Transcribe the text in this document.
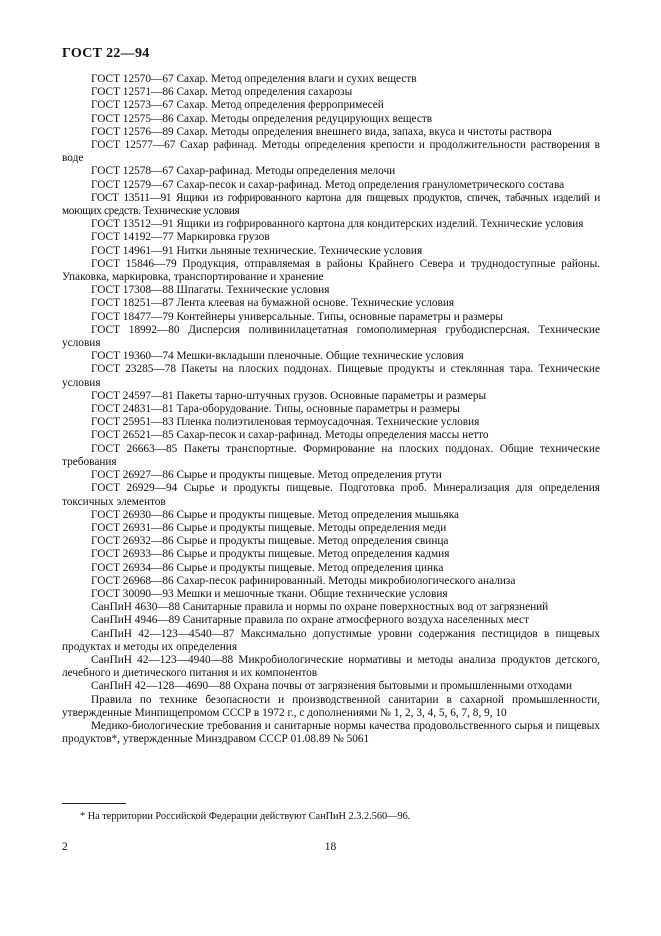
ГОСТ 22—94

ГОСТ 12570—67 Сахар. Метод определения влаги и сухих веществ

ГОСТ 12571—86 Сахар. Метод определения сахарозы

ГОСТ 12573—67 Сахар. Метод определения ферропримесей

ГОСТ 12575—86 Сахар. Методы определения редуцирующих веществ

ГОСТ 12576—89 Сахар. Методы определения внешнего вида, запаха, вкуса и чистоты раствора

ГОСТ 12577—67 Сахар рафинад. Методы определения крепости и продолжительности растворения в воде

ГОСТ 12578—67 Сахар-рафинад. Методы определения мелочи

ГОСТ 12579—67 Сахар-песок и сахар-рафинад. Метод определения гранулометрического состава

ГОСТ 13511—91 Ящики из гофрированного картона для пищевых продуктов, спичек, табачных изделий и моющих средств. Технические условия

ГОСТ 13512—91 Ящики из гофрированного картона для кондитерских изделий. Технические условия

ГОСТ 14192—77 Маркировка грузов

ГОСТ 14961—91 Нитки льняные технические. Технические условия

ГОСТ 15846—79 Продукция, отправляемая в районы Крайнего Севера и труднодоступные районы. Упаковка, маркировка, транспортирование и хранение

ГОСТ 17308—88 Шпагаты. Технические условия

ГОСТ 18251—87 Лента клеевая на бумажной основе. Технические условия

ГОСТ 18477—79 Контейнеры универсальные. Типы, основные параметры и размеры

ГОСТ 18992—80 Дисперсия поливинилацетатная гомополимерная грубодисперсная. Технические условия

ГОСТ 19360—74 Мешки-вкладыши пленочные. Общие технические условия

ГОСТ 23285—78 Пакеты на плоских поддонах. Пищевые продукты и стеклянная тара. Технические условия

ГОСТ 24597—81 Пакеты тарно-штучных грузов. Основные параметры и размеры

ГОСТ 24831—81 Тара-оборудование. Типы, основные параметры и размеры

ГОСТ 25951—83 Пленка полиэтиленовая термоусадочная. Технические условия

ГОСТ 26521—85 Сахар-песок и сахар-рафинад. Методы определения массы нетто

ГОСТ 26663—85 Пакеты транспортные. Формирование на плоских поддонах. Общие технические требования

ГОСТ 26927—86 Сырье и продукты пищевые. Метод определения ртути

ГОСТ 26929—94 Сырье и продукты пищевые. Подготовка проб. Минерализация для определения токсичных элементов

ГОСТ 26930—86 Сырье и продукты пищевые. Метод определения мышьяка

ГОСТ 26931—86 Сырье и продукты пищевые. Методы определения меди

ГОСТ 26932—86 Сырье и продукты пищевые. Метод определения свинца

ГОСТ 26933—86 Сырье и продукты пищевые. Метод определения кадмия

ГОСТ 26934—86 Сырье и продукты пищевые. Метод определения цинка

ГОСТ 26968—86 Сахар-песок рафинированный. Методы микробиологического анализа

ГОСТ 30090—93 Мешки и мешочные ткани. Общие технические условия

СанПиН 4630—88 Санитарные правила и нормы по охране поверхностных вод от загрязнений

СанПиН 4946—89 Санитарные правила по охране атмосферного воздуха населенных мест

СанПиН 42—123—4540—87 Максимально допустимые уровни содержания пестицидов в пищевых продуктах и методы их определения

СанПиН 42—123—4940—88 Микробиологические нормативы и методы анализа продуктов детского, лечебного и диетического питания и их компонентов

СанПиН 42—128—4690—88 Охрана почвы от загрязнения бытовыми и промышленными отходами

Правила по технике безопасности и производственной санитарии в сахарной промышленности, утвержденные Минпищепромом СССР в 1972 г., с дополнениями № 1, 2, 3, 4, 5, 6, 7, 8, 9, 10

Медико-биологические требования и санитарные нормы качества продовольственного сырья и пищевых продуктов*, утвержденные Минздравом СССР 01.08.89 № 5061

* На территории Российской Федерации действуют СанПиН 2.3.2.560—96.
2	18
